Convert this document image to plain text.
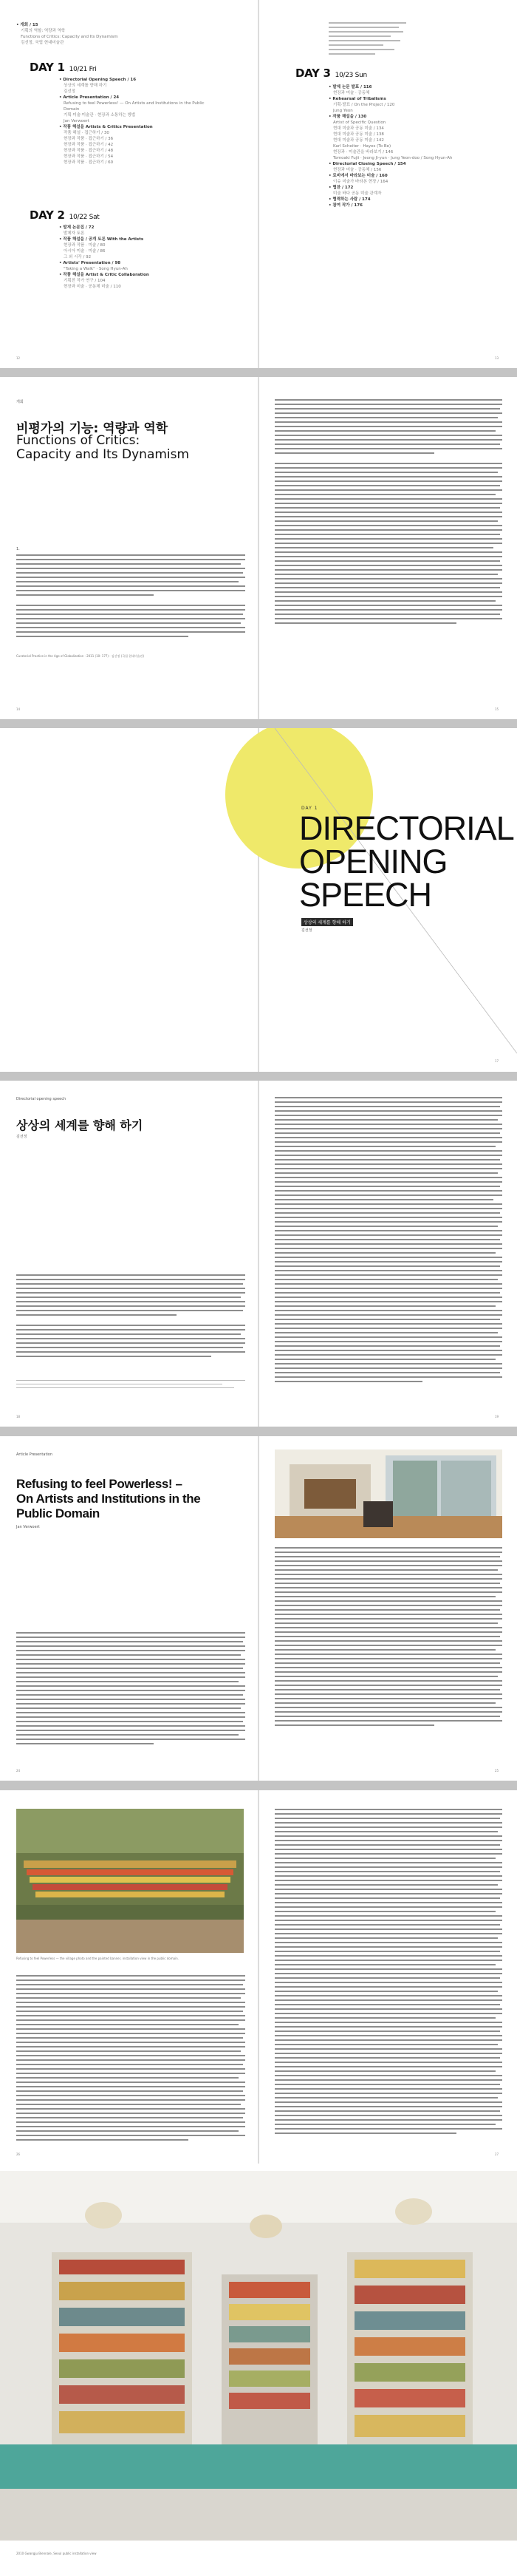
• 개회 / 15
기획의 역할: 역량과 역학
Functions of Critics: Capacity and Its Dynamism
김선정, 국립 현대미술관
DAY 1 10/21 Fri
• Directorial Opening Speech / 16
상상의 세계를 향해 하기
김선정
• Article Presentation / 24
Refusing to feel Powerless! — On Artists and Institutions in the Public Domain
기획·미술·미술관 · 현장과 소통하는 방법
Jan Verwoert
• 작품 해설을 Artists & Critics Presentation
작품 해설 · 접근하기 / 30
현장과 작품 · 접근하기 / 36
현장과 작품 · 접근하기 / 42
현장과 작품 · 접근하기 / 48
현장과 작품 · 접근하기 / 54
현장과 작품 · 접근하기 / 60
DAY 2 10/22 Sat
• 발제 논문집 / 72
발제자 토론
• 작품 해설을 / 공개 토론 With the Artists
현장과 작품 · 미술 / 80
아시아 미술 · 미술 / 86
그 외 시각 / 92
• Artists' Presentation / 98
"Taking a Walk" · Song Hyun-Ah
• 작품 해설을 Artist & Critic Collaboration
기획전 작가 연구 / 104
현장과 미술 · 공동체 미술 / 110
DAY 3 10/23 Sun
• 발제 논문 발표 / 116
현장과 미술 · 공동체
• Rehearsal of Tribalisms
기획·발표 / On the Project / 120
Jung Yeon
• 작품 해설을 / 130
Artist of Specific Question
현대 미술과 공동 미술 / 134
현대 미술과 공동 미술 / 138
현대 미술과 공동 미술 / 142
Karl Scheiter · Hayes (To Be)
현장과 · 미술관을 바라보기 / 146
Tomoaki Fujii · Jeong Ji-yun · Jung Yeon-doo / Song Hyun-Ah
• Directorial Closing Speech / 154
현장과 미술 · 공동체 / 156
• 로비에서 바라보는 미술 / 160
이슈 미술가 바라본 현장 / 164
• 협찬 / 172
미술 바다 공동 미술 관계자
• 협력하는 사람 / 174
• 참여 작가 / 176
12	13
개회
비평가의 기능: 역량과 역학
Functions of Critics:
Capacity and Its Dynamism
1.
Curatorial Practice in the Age of Globalization · 2011 (10: 177) · 김선정 (국립 현대미술관)
14	15
DAY 1
DIRECTORIAL
OPENING
SPEECH
상상의 세계를 향해 하기
김선정
17
Directorial opening speech
상상의 세계를 향해 하기
김선정
18	19
Article Presentation
Refusing to feel Powerless! –
On Artists and Institutions in the
Public Domain
Jan Verwoert
24	25
Refusing to feel Powerless — the village photo and the painted banner, installation view in the public domain.
26	27
2010 Gwangju Biennale, Seoul public installation view
